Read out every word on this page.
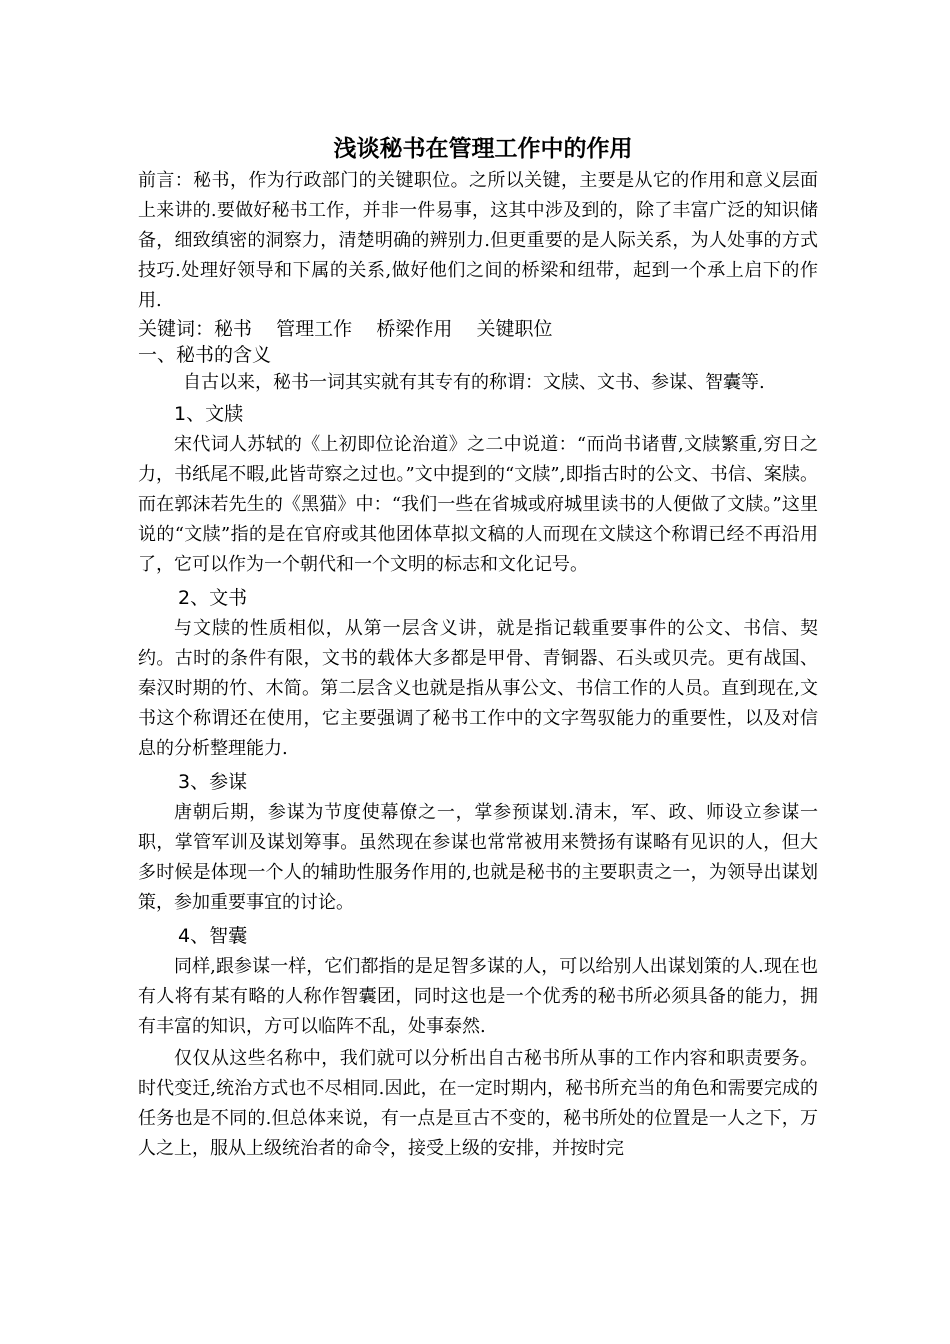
浅谈秘书在管理工作中的作用

前言：秘书，作为行政部门的关键职位。之所以关键，主要是从它的作用和意义层面上来讲的.要做好秘书工作，并非一件易事，这其中涉及到的，除了丰富广泛的知识储备，细致缜密的洞察力，清楚明确的辨别力.但更重要的是人际关系，为人处事的方式技巧.处理好领导和下属的关系,做好他们之间的桥梁和纽带，起到一个承上启下的作用.

关键词：秘书    管理工作    桥梁作用    关键职位

一、秘书的含义

自古以来，秘书一词其实就有其专有的称谓：文牍、文书、参谋、智囊等.

1、文牍

宋代词人苏轼的《上初即位论治道》之二中说道：“而尚书诸曹,文牍繁重,穷日之力，书纸尾不暇,此皆苛察之过也。”文中提到的“文牍”,即指古时的公文、书信、案牍。而在郭沫若先生的《黑猫》中：“我们一些在省城或府城里读书的人便做了文牍。”这里说的“文牍”指的是在官府或其他团体草拟文稿的人而现在文牍这个称谓已经不再沿用了，它可以作为一个朝代和一个文明的标志和文化记号。

2、文书

与文牍的性质相似，从第一层含义讲，就是指记载重要事件的公文、书信、契约。古时的条件有限，文书的载体大多都是甲骨、青铜器、石头或贝壳。更有战国、秦汉时期的竹、木简。第二层含义也就是指从事公文、书信工作的人员。直到现在,文书这个称谓还在使用，它主要强调了秘书工作中的文字驾驭能力的重要性，以及对信息的分析整理能力.

3、参谋

唐朝后期，参谋为节度使幕僚之一，掌参预谋划.清末，军、政、师设立参谋一职，掌管军训及谋划筹事。虽然现在参谋也常常被用来赞扬有谋略有见识的人，但大多时候是体现一个人的辅助性服务作用的,也就是秘书的主要职责之一，为领导出谋划策，参加重要事宜的讨论。

4、智囊

同样,跟参谋一样，它们都指的是足智多谋的人，可以给别人出谋划策的人.现在也有人将有某有略的人称作智囊团，同时这也是一个优秀的秘书所必须具备的能力，拥有丰富的知识，方可以临阵不乱，处事泰然.

仅仅从这些名称中，我们就可以分析出自古秘书所从事的工作内容和职责要务。时代变迁,统治方式也不尽相同.因此，在一定时期内，秘书所充当的角色和需要完成的任务也是不同的.但总体来说，有一点是亘古不变的，秘书所处的位置是一人之下，万人之上，服从上级统治者的命令，接受上级的安排，并按时完
